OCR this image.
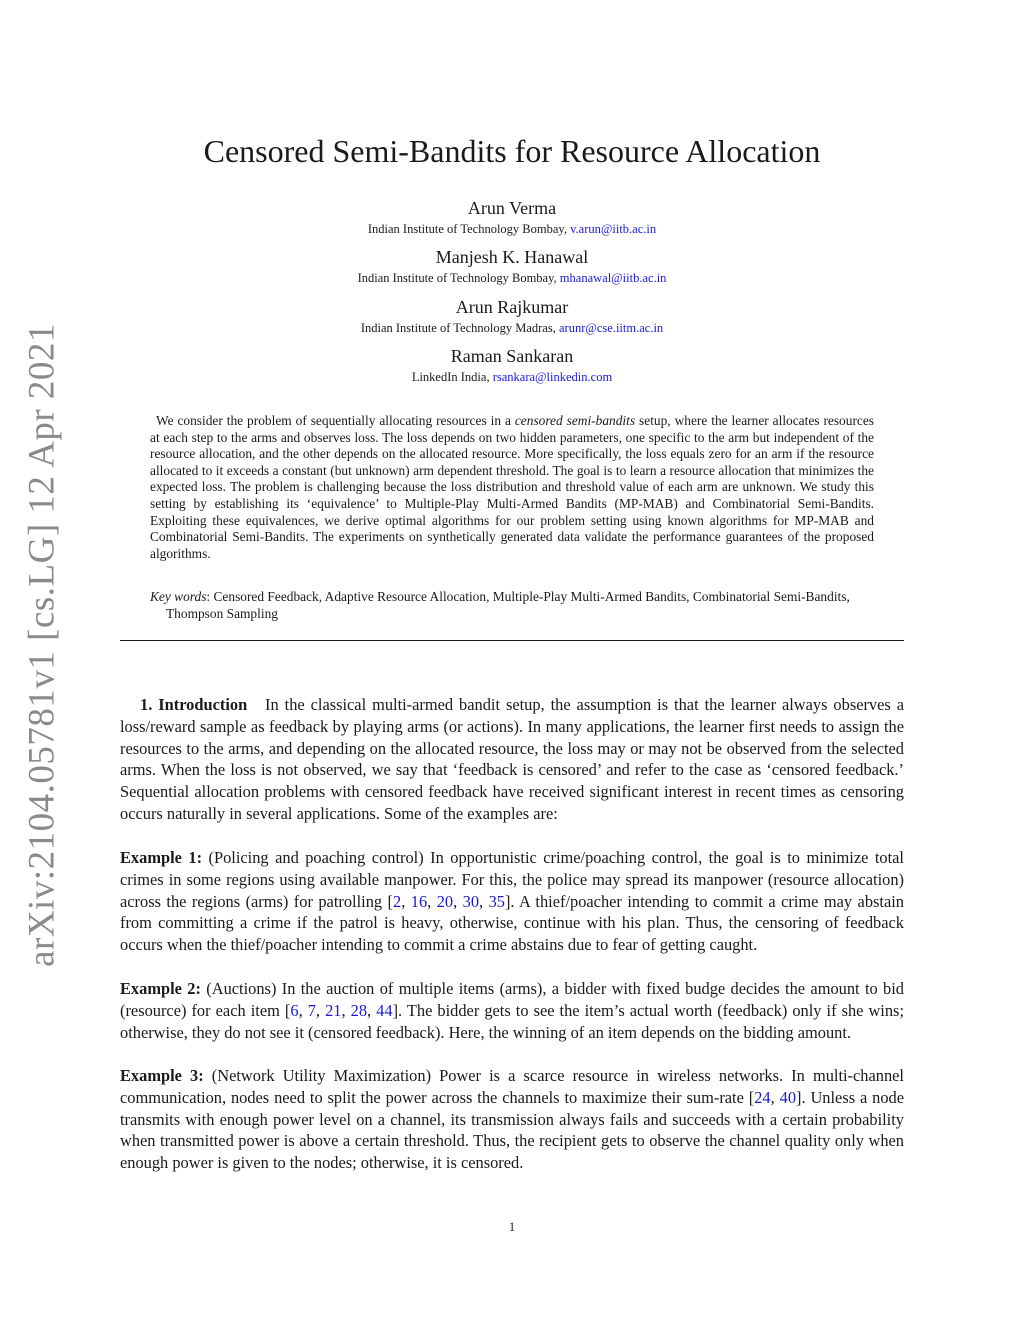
arXiv:2104.05781v1 [cs.LG] 12 Apr 2021
Censored Semi-Bandits for Resource Allocation
Arun Verma
Indian Institute of Technology Bombay, v.arun@iitb.ac.in
Manjesh K. Hanawal
Indian Institute of Technology Bombay, mhanawal@iitb.ac.in
Arun Rajkumar
Indian Institute of Technology Madras, arunr@cse.iitm.ac.in
Raman Sankaran
LinkedIn India, rsankara@linkedin.com

We consider the problem of sequentially allocating resources in a censored semi-bandits setup, where the learner allocates resources at each step to the arms and observes loss. The loss depends on two hidden parameters, one specific to the arm but independent of the resource allocation, and the other depends on the allocated resource. More specifically, the loss equals zero for an arm if the resource allocated to it exceeds a constant (but unknown) arm dependent threshold. The goal is to learn a resource allocation that minimizes the expected loss. The problem is challenging because the loss distribution and threshold value of each arm are unknown. We study this setting by establishing its ‘equivalence’ to Multiple-Play Multi-Armed Bandits (MP-MAB) and Combinatorial Semi-Bandits. Exploiting these equivalences, we derive optimal algorithms for our problem setting using known algorithms for MP-MAB and Combinatorial Semi-Bandits. The experiments on synthetically generated data validate the performance guarantees of the proposed algorithms.

Key words: Censored Feedback, Adaptive Resource Allocation, Multiple-Play Multi-Armed Bandits, Combinatorial Semi-Bandits, Thompson Sampling

1. Introduction In the classical multi-armed bandit setup, the assumption is that the learner always observes a loss/reward sample as feedback by playing arms (or actions). In many applications, the learner first needs to assign the resources to the arms, and depending on the allocated resource, the loss may or may not be observed from the selected arms. When the loss is not observed, we say that ‘feedback is censored’ and refer to the case as ‘censored feedback.’ Sequential allocation problems with censored feedback have received significant interest in recent times as censoring occurs naturally in several applications. Some of the examples are:

Example 1: (Policing and poaching control) In opportunistic crime/poaching control, the goal is to minimize total crimes in some regions using available manpower. For this, the police may spread its manpower (resource allocation) across the regions (arms) for patrolling [2, 16, 20, 30, 35]. A thief/poacher intending to commit a crime may abstain from committing a crime if the patrol is heavy, otherwise, continue with his plan. Thus, the censoring of feedback occurs when the thief/poacher intending to commit a crime abstains due to fear of getting caught.

Example 2: (Auctions) In the auction of multiple items (arms), a bidder with fixed budge decides the amount to bid (resource) for each item [6, 7, 21, 28, 44]. The bidder gets to see the item’s actual worth (feedback) only if she wins; otherwise, they do not see it (censored feedback). Here, the winning of an item depends on the bidding amount.

Example 3: (Network Utility Maximization) Power is a scarce resource in wireless networks. In multi-channel communication, nodes need to split the power across the channels to maximize their sum-rate [24, 40]. Unless a node transmits with enough power level on a channel, its transmission always fails and succeeds with a certain probability when transmitted power is above a certain threshold. Thus, the recipient gets to observe the channel quality only when enough power is given to the nodes; otherwise, it is censored.

1
